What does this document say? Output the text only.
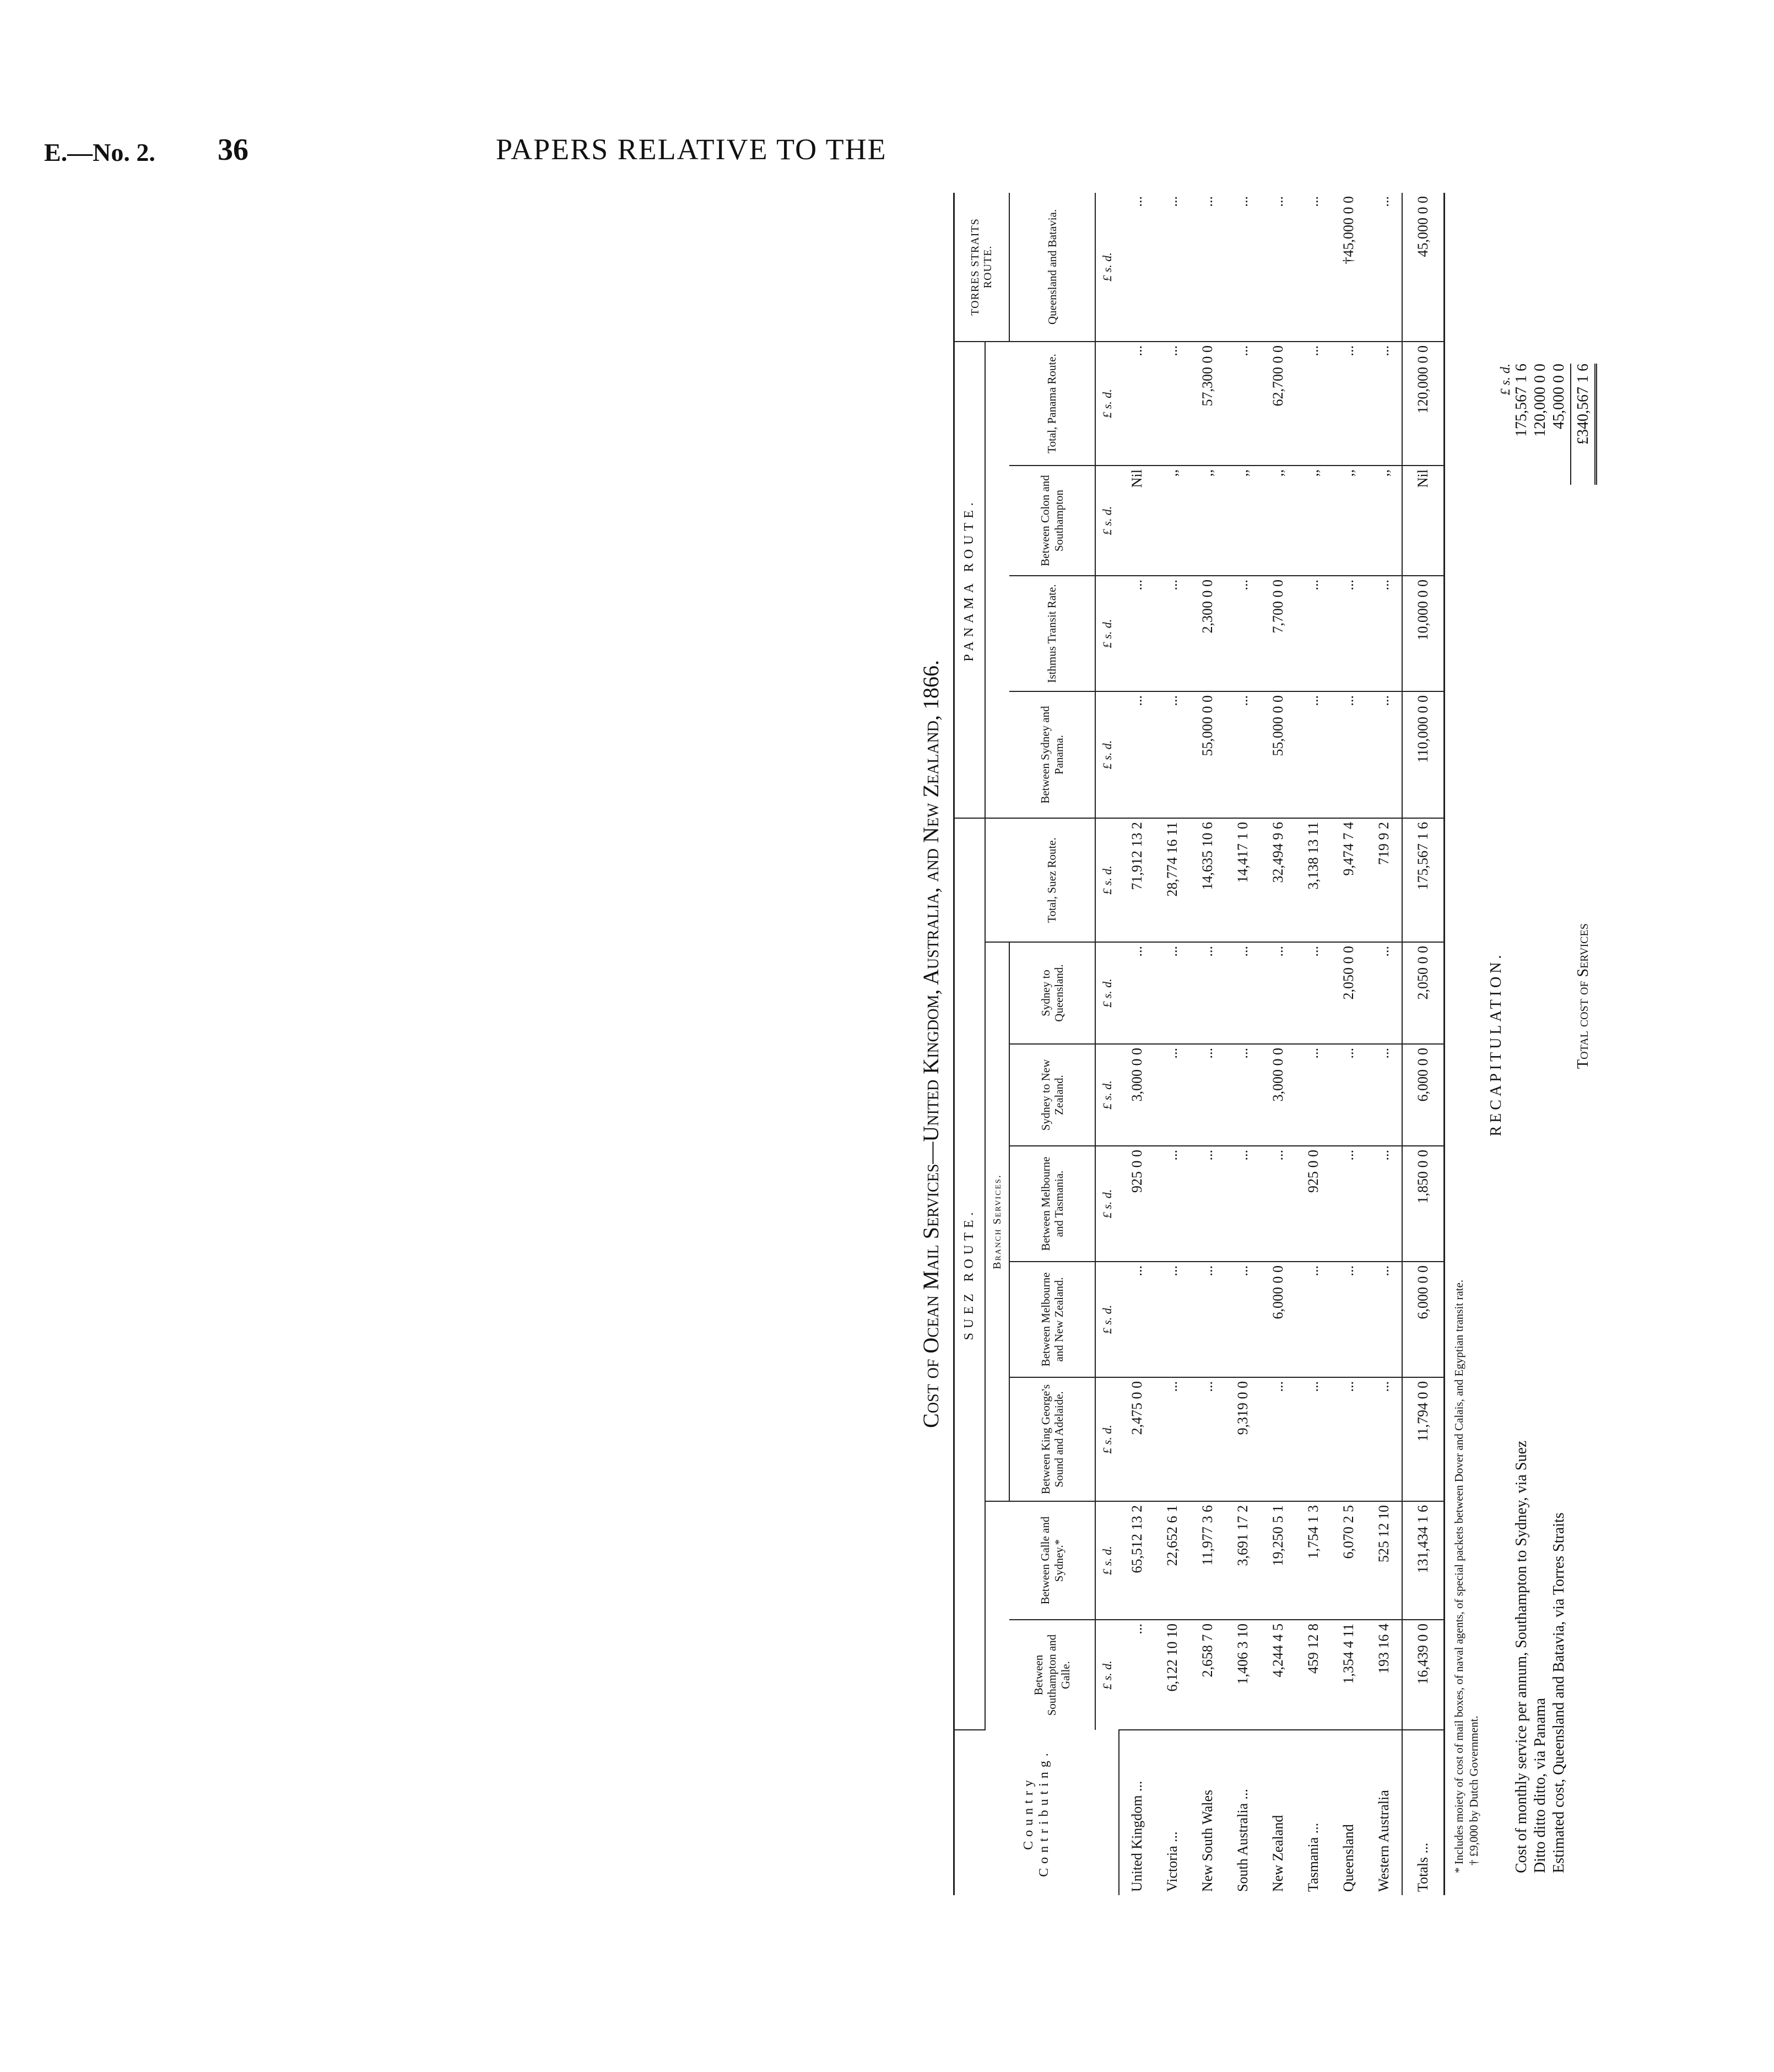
E.—No. 2. 36	PAPERS RELATIVE TO THE
Cost of Ocean Mail Services—United Kingdom, Australia, and New Zealand, 1866.
Country Contributing.	SUEZ ROUTE.								PANAMA ROUTE.				TORRES STRAITS ROUTE.
			Branch Services.										
	Between Southampton and Galle.	Between Galle and Sydney.*	Between King George's Sound and Adelaide.	Between Melbourne and New Zealand.	Between Melbourne and Tasmania.	Sydney to New Zealand.	Sydney to Queensland.	Total, Suez Route.	Between Sydney and Panama.	Isthmus Transit Rate.	Between Colon and Southampton	Total, Panama Route.	Queensland and Batavia.
	£ s. d.	£ s. d.	£ s. d.	£ s. d.	£ s. d.	£ s. d.	£ s. d.	£ s. d.	£ s. d.	£ s. d.	£ s. d.	£ s. d.	£ s. d.
United Kingdom ...	...	65,512 13 2	2,475 0 0	...	925 0 0	3,000 0 0	...	71,912 13 2	...	...	Nil	...	...
Victoria ...	6,122 10 10	22,652 6 1	...	...	...	...	...	28,774 16 11	...	...	,,	...	...
New South Wales	2,658 7 0	11,977 3 6	...	...	...	...	...	14,635 10 6	55,000 0 0	2,300 0 0	,,	57,300 0 0	...
South Australia ...	1,406 3 10	3,691 17 2	9,319 0 0	...	...	...	...	14,417 1 0	...	...	,,	...	...
New Zealand	4,244 4 5	19,250 5 1	...	6,000 0 0	...	3,000 0 0	...	32,494 9 6	55,000 0 0	7,700 0 0	,,	62,700 0 0	...
Tasmania ...	459 12 8	1,754 1 3	...	...	925 0 0	...	...	3,138 13 11	...	...	,,	...	...
Queensland	1,354 4 11	6,070 2 5	...	...	...	...	2,050 0 0	9,474 7 4	...	...	,,	...	†45,000 0 0
Western Australia	193 16 4	525 12 10	...	...	...	...	...	719 9 2	...	...	,,	...	...
Totals ...	16,439 0 0	131,434 1 6	11,794 0 0	6,000 0 0	1,850 0 0	6,000 0 0	2,050 0 0	175,567 1 6	110,000 0 0	10,000 0 0	Nil	120,000 0 0	45,000 0 0
* Includes moiety of cost of mail boxes, of naval agents, of special packets between Dover and Calais, and Egyptian transit rate. † £9,000 by Dutch Government.
RECAPITULATION.
£ s. d.
Cost of monthly service per annum, Southampton to Sydney, via Suez
175,567 1 6
Ditto ditto ditto, via Panama
120,000 0 0
Estimated cost, Queensland and Batavia, via Torres Straits
45,000 0 0
Total cost of Services
£340,567 1 6
